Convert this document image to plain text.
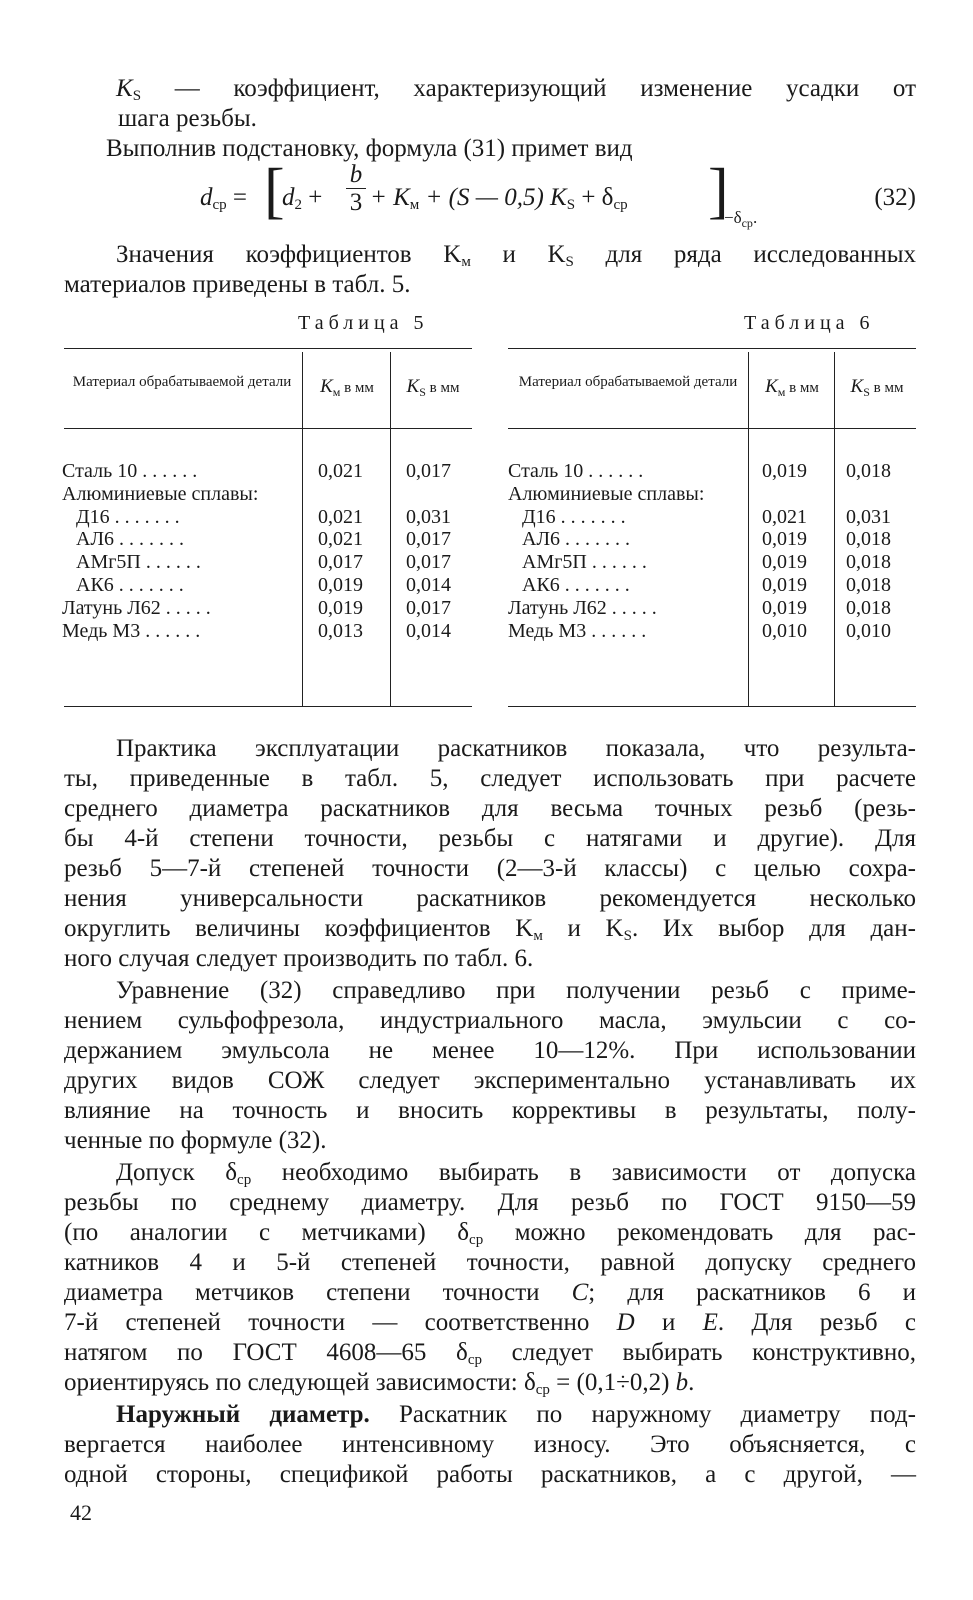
$K_S$ — коэффициент, характеризующий изменение усадки от
шага резьбы.
Выполнив подстановку, формула (31) примет вид
$d_{ср}$ = [
$d_2 + \frac{b}{3} + K_м + (S$ — 0,5) $K_S + \delta_{ср}$ ]
$-\delta_{ср}$.
(32)
Значения коэффициентов $K_м$ и $K_S$ для ряда исследованных
материалов приведены в табл. 5.
Таблица 5
Материал обрабатываемой детали	$K_м$ в мм	$K_S$ в мм
Сталь 10 . . . . . .	0,021 0,017
Алюминиевые сплавы:
Д16 . . . . . . .	0,021 0,031
АЛ6 . . . . . . .	0,021 0,017
АМг5П . . . . . .	0,017 0,017
АК6 . . . . . . .	0,019 0,014
Латунь Л62 . . . . .	0,019 0,017
Медь М3 . . . . . .	0,013 0,014
Таблица 6
Материал обрабатываемой детали	$K_м$ в мм	$K_S$ в мм
Сталь 10 . . . . . .	0,019 0,018
Алюминиевые сплавы:
Д16 . . . . . . .	0,021 0,031
АЛ6 . . . . . . .	0,019 0,018
АМг5П . . . . . .	0,019 0,018
АК6 . . . . . . .	0,019 0,018
Латунь Л62 . . . . .	0,019 0,018
Медь М3 . . . . . .	0,010 0,010
Практика эксплуатации раскатников показала, что результа-
ты, приведенные в табл. 5, следует использовать при расчете
среднего диаметра раскатников для весьма точных резьб (резь-
бы 4-й степени точности, резьбы с натягами и другие). Для
резьб 5—7-й степеней точности (2—3-й классы) с целью сохра-
нения универсальности раскатников рекомендуется несколько
округлить величины коэффициентов $K_м$ и $K_S$. Их выбор для дан-
ного случая следует производить по табл. 6.
Уравнение (32) справедливо при получении резьб с приме-
нением сульфофрезола, индустриального масла, эмульсии с со-
держанием эмульсола не менее 10—12%. При использовании
других видов СОЖ следует экспериментально устанавливать их
влияние на точность и вносить коррективы в результаты, полу-
ченные по формуле (32).
Допуск $\delta_{ср}$ необходимо выбирать в зависимости от допуска
резьбы по среднему диаметру. Для резьб по ГОСТ 9150—59
(по аналогии с метчиками) $\delta_{ср}$ можно рекомендовать для рас-
катников 4 и 5-й степеней точности, равной допуску среднего
диаметра метчиков степени точности C; для раскатников 6 и
7-й степеней точности — соответственно D и E. Для резьб с
натягом по ГОСТ 4608—65 $\delta_{ср}$ следует выбирать конструктивно,
ориентируясь по следующей зависимости: $\delta_{ср} = (0,1\div 0,2)$ b.
Наружный диаметр. Раскатник по наружному диаметру под-
вергается наиболее интенсивному износу. Это объясняется, с
одной стороны, спецификой работы раскатников, а с другой, —
42
